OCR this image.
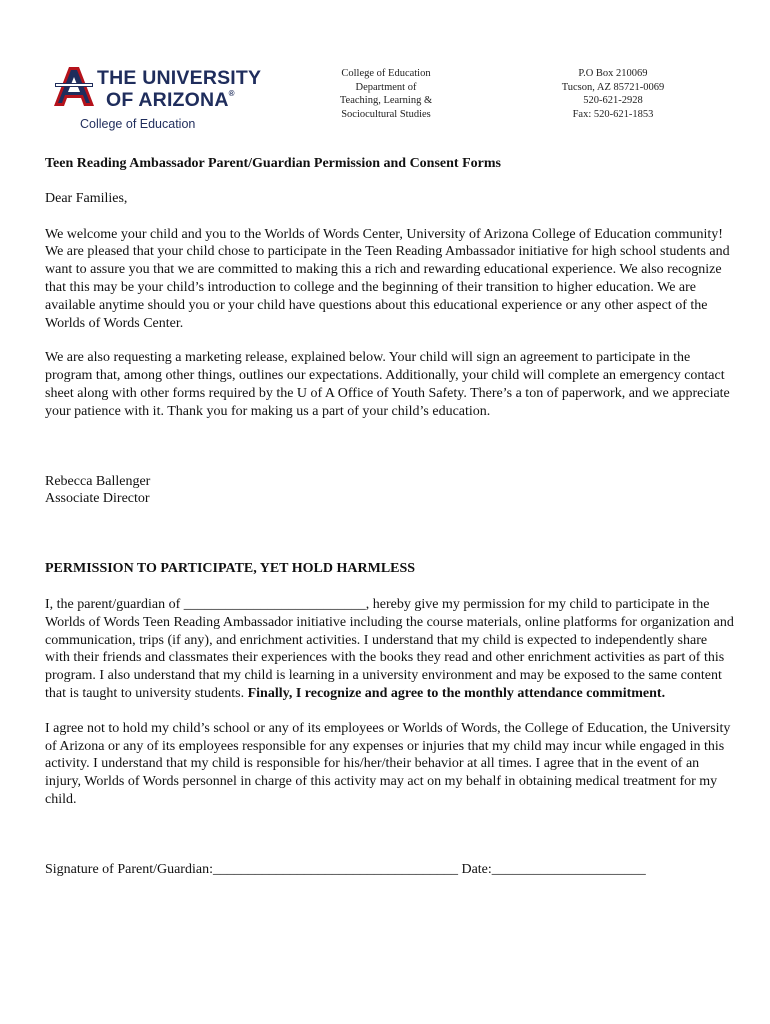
THE UNIVERSITY
OF ARIZONA®
College of Education
College of Education
Department of
Teaching, Learning &
Sociocultural Studies
P.O Box 210069
Tucson, AZ 85721-0069
520-621-2928
Fax: 520-621-1853

Teen Reading Ambassador Parent/Guardian Permission and Consent Forms

Dear Families,

We welcome your child and you to the Worlds of Words Center, University of Arizona College of Education community! We are pleased that your child chose to participate in the Teen Reading Ambassador initiative for high school students and want to assure you that we are committed to making this a rich and rewarding educational experience. We also recognize that this may be your child’s introduction to college and the beginning of their transition to higher education. We are available anytime should you or your child have questions about this educational experience or any other aspect of the Worlds of Words Center.

We are also requesting a marketing release, explained below. Your child will sign an agreement to participate in the program that, among other things, outlines our expectations. Additionally, your child will complete an emergency contact sheet along with other forms required by the U of A Office of Youth Safety. There’s a ton of paperwork, and we appreciate your patience with it. Thank you for making us a part of your child’s education.

Rebecca Ballenger

Associate Director

PERMISSION TO PARTICIPATE, YET HOLD HARMLESS

I, the parent/guardian of __________________________, hereby give my permission for my child to participate in the Worlds of Words Teen Reading Ambassador initiative including the course materials, online platforms for organization and communication, trips (if any), and enrichment activities. I understand that my child is expected to independently share with their friends and classmates their experiences with the books they read and other enrichment activities as part of this program. I also understand that my child is learning in a university environment and may be exposed to the same content that is taught to university students. Finally, I recognize and agree to the monthly attendance commitment.

I agree not to hold my child’s school or any of its employees or Worlds of Words, the College of Education, the University of Arizona or any of its employees responsible for any expenses or injuries that my child may incur while engaged in this activity. I understand that my child is responsible for his/her/their behavior at all times. I agree that in the event of an injury, Worlds of Words personnel in charge of this activity may act on my behalf in obtaining medical treatment for my child.

Signature of Parent/Guardian:___________________________________ Date:______________________
